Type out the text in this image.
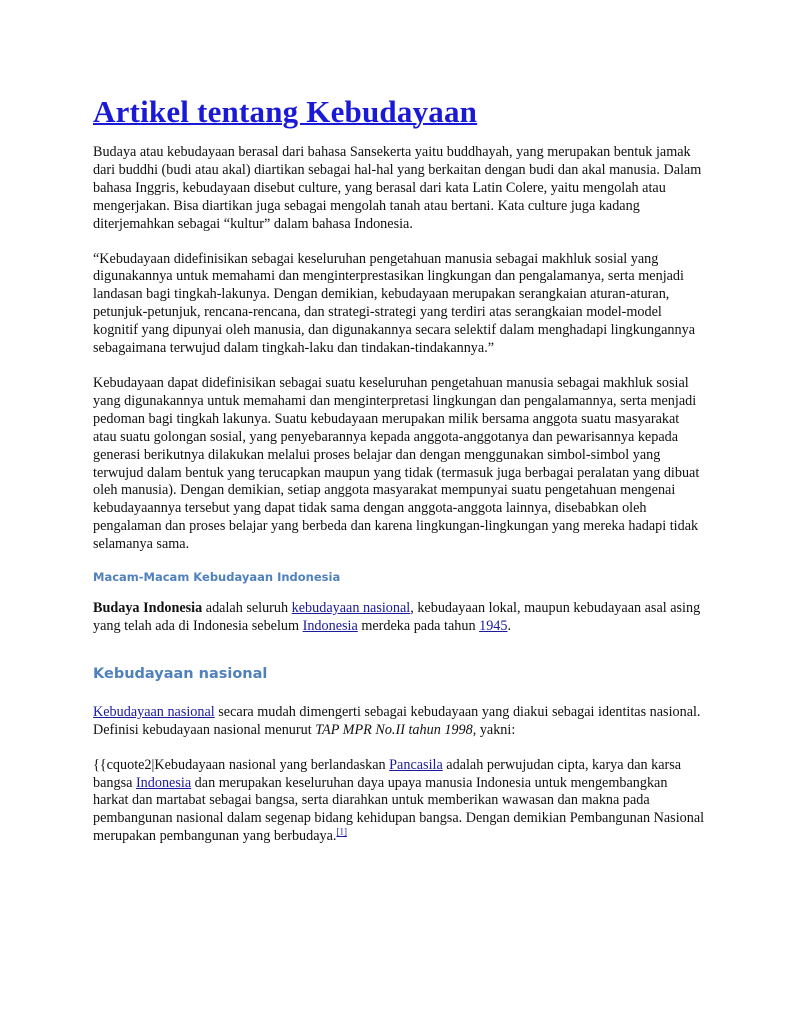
Artikel tentang Kebudayaan

Budaya atau kebudayaan berasal dari bahasa Sansekerta yaitu buddhayah, yang merupakan bentuk jamak dari buddhi (budi atau akal) diartikan sebagai hal-hal yang berkaitan dengan budi dan akal manusia. Dalam bahasa Inggris, kebudayaan disebut culture, yang berasal dari kata Latin Colere, yaitu mengolah atau mengerjakan. Bisa diartikan juga sebagai mengolah tanah atau bertani. Kata culture juga kadang diterjemahkan sebagai “kultur” dalam bahasa Indonesia.

“Kebudayaan didefinisikan sebagai keseluruhan pengetahuan manusia sebagai makhluk sosial yang digunakannya untuk memahami dan menginterprestasikan lingkungan dan pengalamanya, serta menjadi landasan bagi tingkah-lakunya. Dengan demikian, kebudayaan merupakan serangkaian aturan-aturan, petunjuk-petunjuk, rencana-rencana, dan strategi-strategi yang terdiri atas serangkaian model-model kognitif yang dipunyai oleh manusia, dan digunakannya secara selektif dalam menghadapi lingkungannya sebagaimana terwujud dalam tingkah-laku dan tindakan-tindakannya.”

Kebudayaan dapat didefinisikan sebagai suatu keseluruhan pengetahuan manusia sebagai makhluk sosial yang digunakannya untuk memahami dan menginterpretasi lingkungan dan pengalamannya, serta menjadi pedoman bagi tingkah lakunya. Suatu kebudayaan merupakan milik bersama anggota suatu masyarakat atau suatu golongan sosial, yang penyebarannya kepada anggota-anggotanya dan pewarisannya kepada generasi berikutnya dilakukan melalui proses belajar dan dengan menggunakan simbol-simbol yang terwujud dalam bentuk yang terucapkan maupun yang tidak (termasuk juga berbagai peralatan yang dibuat oleh manusia). Dengan demikian, setiap anggota masyarakat mempunyai suatu pengetahuan mengenai kebudayaannya tersebut yang dapat tidak sama dengan anggota-anggota lainnya, disebabkan oleh pengalaman dan proses belajar yang berbeda dan karena lingkungan-lingkungan yang mereka hadapi tidak selamanya sama.

Macam-Macam Kebudayaan Indonesia

Budaya Indonesia adalah seluruh kebudayaan nasional, kebudayaan lokal, maupun kebudayaan asal asing yang telah ada di Indonesia sebelum Indonesia merdeka pada tahun 1945.

Kebudayaan nasional

Kebudayaan nasional secara mudah dimengerti sebagai kebudayaan yang diakui sebagai identitas nasional. Definisi kebudayaan nasional menurut TAP MPR No.II tahun 1998, yakni:

{{cquote2|Kebudayaan nasional yang berlandaskan Pancasila adalah perwujudan cipta, karya dan karsa bangsa Indonesia dan merupakan keseluruhan daya upaya manusia Indonesia untuk mengembangkan harkat dan martabat sebagai bangsa, serta diarahkan untuk memberikan wawasan dan makna pada pembangunan nasional dalam segenap bidang kehidupan bangsa. Dengan demikian Pembangunan Nasional merupakan pembangunan yang berbudaya.[1]
